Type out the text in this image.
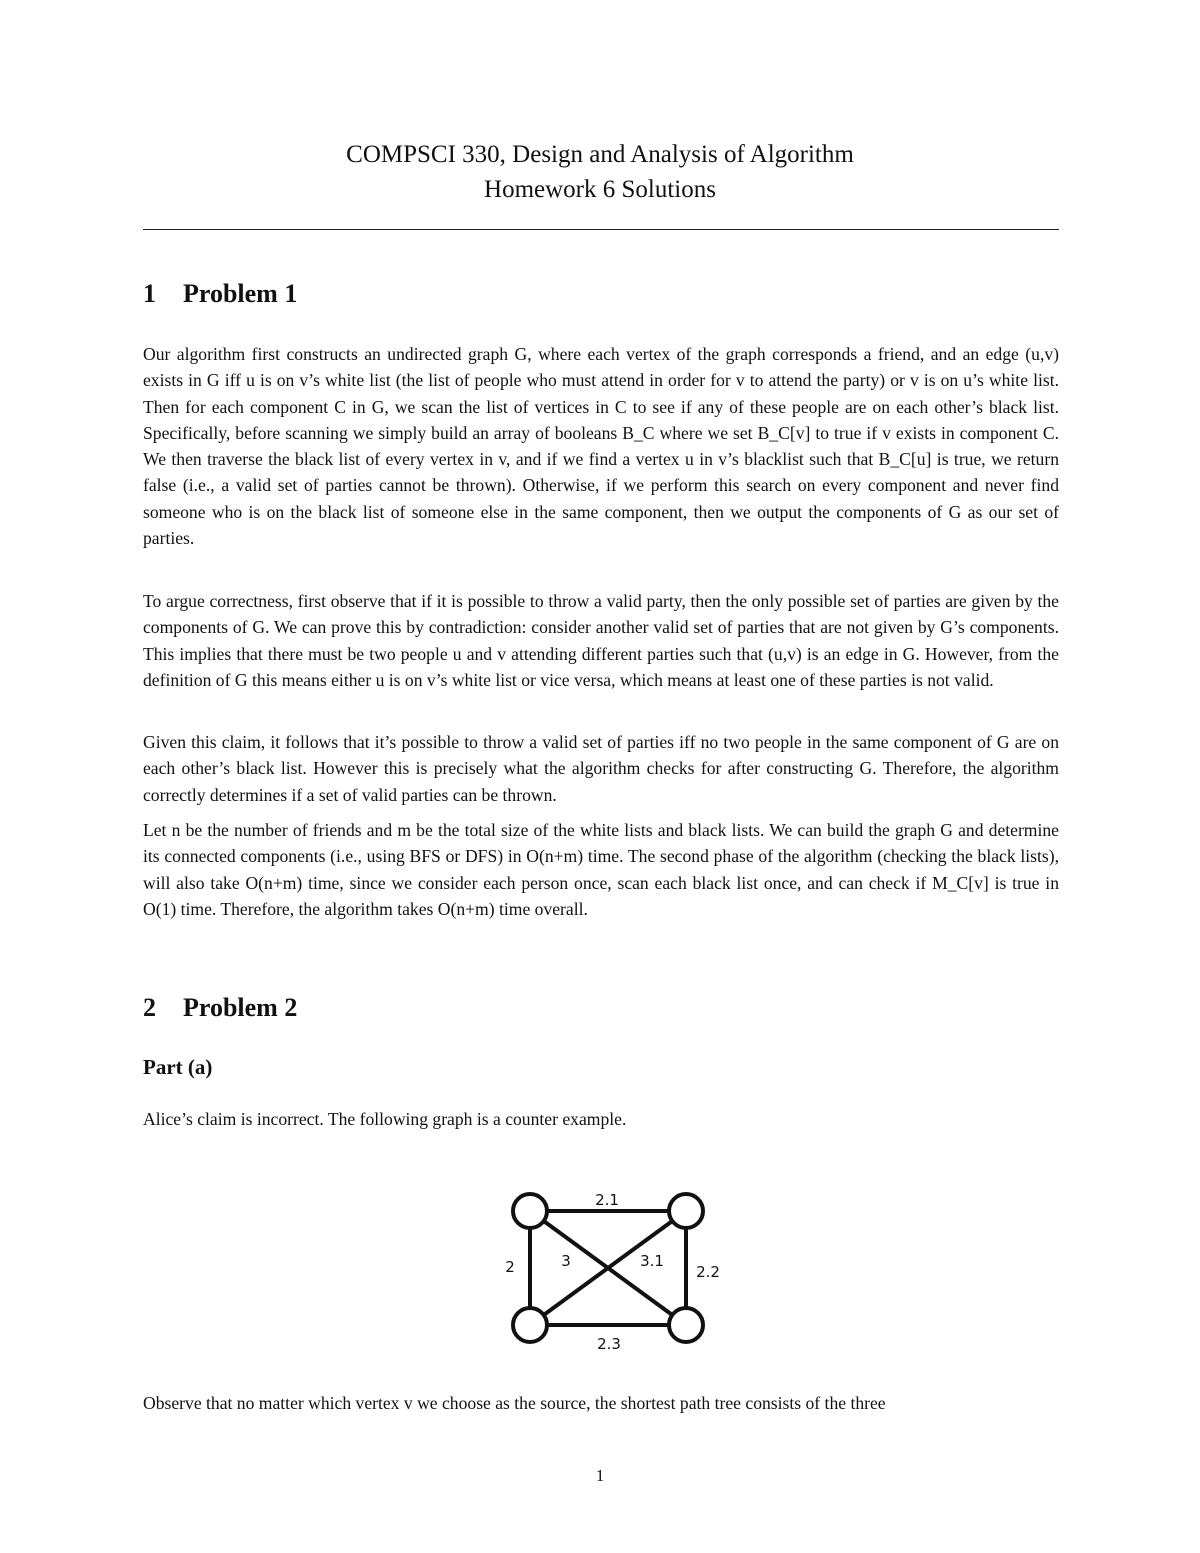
COMPSCI 330, Design and Analysis of Algorithm
Homework 6 Solutions
1 Problem 1

Our algorithm first constructs an undirected graph G, where each vertex of the graph corresponds a friend, and an edge (u,v) exists in G iff u is on v’s white list (the list of people who must attend in order for v to attend the party) or v is on u’s white list. Then for each component C in G, we scan the list of vertices in C to see if any of these people are on each other’s black list. Specifically, before scanning we simply build an array of booleans B_C where we set B_C[v] to true if v exists in component C. We then traverse the black list of every vertex in v, and if we find a vertex u in v’s blacklist such that B_C[u] is true, we return false (i.e., a valid set of parties cannot be thrown). Otherwise, if we perform this search on every component and never find someone who is on the black list of someone else in the same component, then we output the components of G as our set of parties.

To argue correctness, first observe that if it is possible to throw a valid party, then the only possible set of parties are given by the components of G. We can prove this by contradiction: consider another valid set of parties that are not given by G’s components. This implies that there must be two people u and v attending different parties such that (u,v) is an edge in G. However, from the definition of G this means either u is on v’s white list or vice versa, which means at least one of these parties is not valid.

Given this claim, it follows that it’s possible to throw a valid set of parties iff no two people in the same component of G are on each other’s black list. However this is precisely what the algorithm checks for after constructing G. Therefore, the algorithm correctly determines if a set of valid parties can be thrown.

Let n be the number of friends and m be the total size of the white lists and black lists. We can build the graph G and determine its connected components (i.e., using BFS or DFS) in O(n+m) time. The second phase of the algorithm (checking the black lists), will also take O(n+m) time, since we consider each person once, scan each black list once, and can check if M_C[v] is true in O(1) time. Therefore, the algorithm takes O(n+m) time overall.

2 Problem 2
Part (a)

Alice’s claim is incorrect. The following graph is a counter example.

2.1
2	3	3.1
2.2
2.3

Observe that no matter which vertex v we choose as the source, the shortest path tree consists of the three

1
